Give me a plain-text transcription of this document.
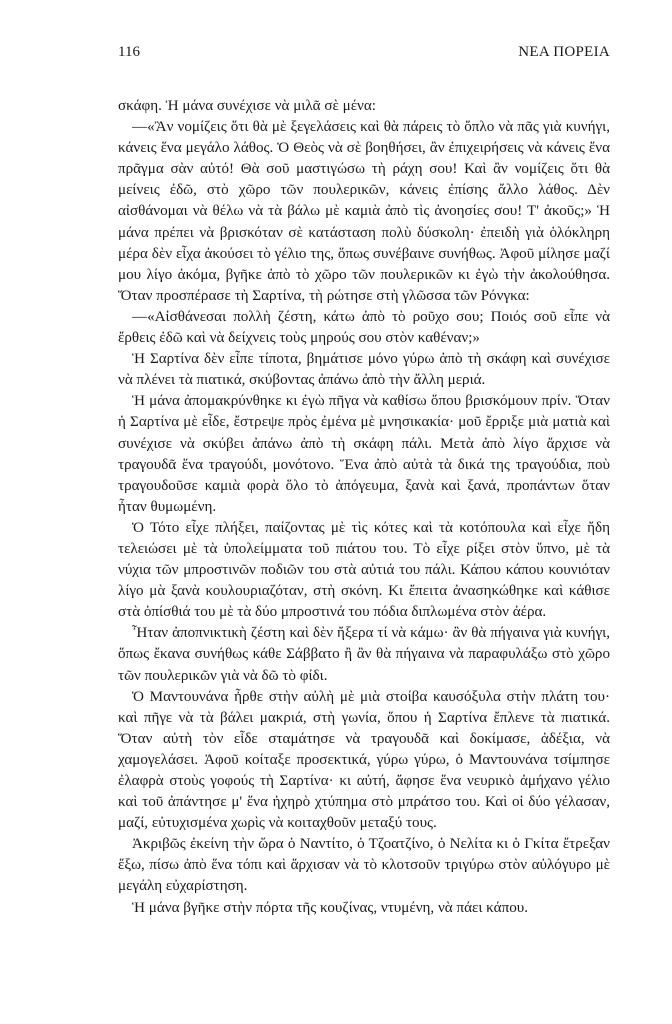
116	ΝΕΑ ΠΟΡΕΙΑ

σκάφη. Ἡ μάνα συνέχισε νὰ μιλᾶ σὲ μένα:

—«Ἂν νομίζεις ὅτι θὰ μὲ ξεγελάσεις καὶ θὰ πάρεις τὸ ὅπλο νὰ πᾶς γιὰ κυνήγι, κάνεις ἕνα μεγάλο λάθος. Ὁ Θεὸς νὰ σὲ βοηθήσει, ἂν ἐπιχειρήσεις νὰ κάνεις ἕνα πρᾶγμα σὰν αὐτό! Θὰ σοῦ μαστιγώσω τὴ ράχη σου! Καὶ ἂν νομίζεις ὅτι θὰ μείνεις ἐδῶ, στὸ χῶρο τῶν πουλερικῶν, κάνεις ἐπίσης ἄλλο λάθος. Δὲν αἰσθάνομαι νὰ θέλω νὰ τὰ βάλω μὲ καμιὰ ἀπὸ τὶς ἀνοησίες σου! Τ' ἀκοῦς;» Ἡ μάνα πρέπει νὰ βρισκόταν σὲ κατάσταση πολὺ δύσκολη· ἐπειδὴ γιὰ ὁλόκληρη μέρα δὲν εἶχα ἀκούσει τὸ γέλιο της, ὅπως συνέβαινε συνήθως. Ἀφοῦ μίλησε μαζί μου λίγο ἀκόμα, βγῆκε ἀπὸ τὸ χῶρο τῶν πουλερικῶν κι ἐγὼ τὴν ἀκολούθησα. Ὅταν προσπέρασε τὴ Σαρτίνα, τὴ ρώτησε στὴ γλῶσσα τῶν Ρόνγκα:

—«Αἰσθάνεσαι πολλὴ ζέστη, κάτω ἀπὸ τὸ ροῦχο σου; Ποιός σοῦ εἶπε νὰ ἔρθεις ἐδῶ καὶ νὰ δείχνεις τοὺς μηρούς σου στὸν καθέναν;»

Ἡ Σαρτίνα δὲν εἶπε τίποτα, βημάτισε μόνο γύρω ἀπὸ τὴ σκάφη καὶ συνέχισε νὰ πλένει τὰ πιατικά, σκύβοντας ἀπάνω ἀπὸ τὴν ἄλλη μεριά.

Ἡ μάνα ἀπομακρύνθηκε κι ἐγὼ πῆγα νὰ καθίσω ὅπου βρισκόμουν πρίν. Ὅταν ἡ Σαρτίνα μὲ εἶδε, ἔστρεψε πρὸς ἐμένα μὲ μνησικακία· μοῦ ἔρριξε μιὰ ματιὰ καὶ συνέχισε νὰ σκύβει ἀπάνω ἀπὸ τὴ σκάφη πάλι. Μετὰ ἀπὸ λίγο ἄρχισε νὰ τραγουδᾶ ἕνα τραγούδι, μονότονο. Ἕνα ἀπὸ αὐτὰ τὰ δικά της τραγούδια, ποὺ τραγουδοῦσε καμιὰ φορὰ ὅλο τὸ ἀπόγευμα, ξανὰ καὶ ξανά, προπάντων ὅταν ἦταν θυμωμένη.

Ὁ Τότο εἶχε πλήξει, παίζοντας μὲ τὶς κότες καὶ τὰ κοτόπουλα καὶ εἶχε ἤδη τελειώσει μὲ τὰ ὑπολείμματα τοῦ πιάτου του. Τὸ εἶχε ρίξει στὸν ὕπνο, μὲ τὰ νύχια τῶν μπροστινῶν ποδιῶν του στὰ αὐτιά του πάλι. Κάπου κάπου κουνιόταν λίγο μὰ ξανὰ κουλουριαζόταν, στὴ σκόνη. Κι ἔπειτα ἀνασηκώθηκε καὶ κάθισε στὰ ὀπίσθιά του μὲ τὰ δύο μπροστινά του πόδια διπλωμένα στὸν ἀέρα.

Ἦταν ἀποπνικτικὴ ζέστη καὶ δὲν ἤξερα τί νὰ κάμω· ἂν θὰ πήγαινα γιὰ κυνήγι, ὅπως ἔκανα συνήθως κάθε Σάββατο ἢ ἂν θὰ πήγαινα νὰ παραφυλάξω στὸ χῶρο τῶν πουλερικῶν γιὰ νὰ δῶ τὸ φίδι.

Ὁ Μαντουνάνα ἦρθε στὴν αὐλὴ μὲ μιὰ στοίβα καυσόξυλα στὴν πλάτη του· καὶ πῆγε νὰ τὰ βάλει μακριά, στὴ γωνία, ὅπου ἡ Σαρτίνα ἔπλενε τὰ πιατικά. Ὅταν αὐτὴ τὸν εἶδε σταμάτησε νὰ τραγουδᾶ καὶ δοκίμασε, ἀδέξια, νὰ χαμογελάσει. Ἀφοῦ κοίταξε προσεκτικά, γύρω γύρω, ὁ Μαντουνάνα τσίμπησε ἐλαφρὰ στοὺς γοφούς τὴ Σαρτίνα· κι αὐτή, ἄφησε ἕνα νευρικὸ ἀμήχανο γέλιο καὶ τοῦ ἀπάντησε μ' ἕνα ἠχηρὸ χτύπημα στὸ μπράτσο του. Καὶ οἱ δύο γέλασαν, μαζί, εὐτυχισμένα χωρὶς νὰ κοιταχθοῦν μεταξύ τους.

Ἀκριβῶς ἐκείνη τὴν ὥρα ὁ Ναντίτο, ὁ Τζοατζίνο, ὁ Νελίτα κι ὁ Γκίτα ἔτρεξαν ἔξω, πίσω ἀπὸ ἕνα τόπι καὶ ἄρχισαν νὰ τὸ κλοτσοῦν τριγύρω στὸν αὐλόγυρο μὲ μεγάλη εὐχαρίστηση.

Ἡ μάνα βγῆκε στὴν πόρτα τῆς κουζίνας, ντυμένη, νὰ πάει κάπου.
